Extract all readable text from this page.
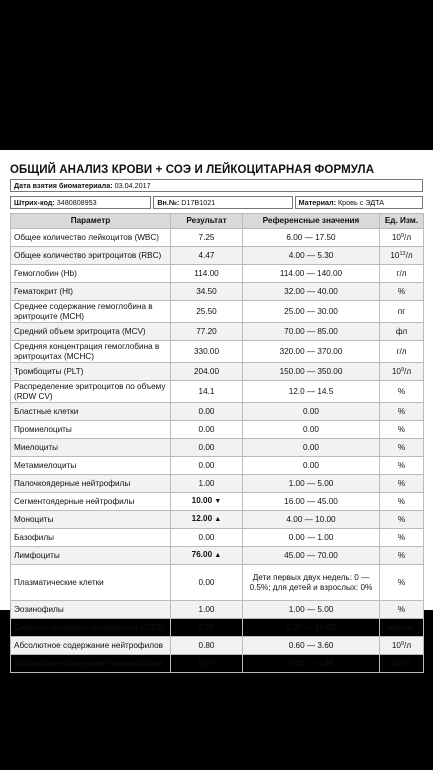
ОБЩИЙ АНАЛИЗ КРОВИ + СОЭ И ЛЕЙКОЦИТАРНАЯ ФОРМУЛА
Дата взятия биоматериала: 03.04.2017
Штрих-код: 3480808953	Вн.№: D17B1021	Материал: Кровь с ЭДТА
Параметр	Результат	Референсные значения	Ед. Изм.
Общее количество лейкоцитов (WBC)	7.25	6.00 — 17.50	$10^9/л$
Общее количество эритроцитов (RBC)	4.47	4.00 — 5.30	$10^{12}/л$
Гемоглобин (Hb)	114.00	114.00 — 140.00	г/л
Гематокрит (Ht)	34.50	32.00 — 40.00	%
Среднее содержание гемоглобина в эритроците (MCH)	25.50	25.00 — 30.00	пг
Средний объем эритроцита (MCV)	77.20	70.00 — 85.00	фл
Средняя концентрация гемоглобина в эритроцитах (MCHC)	330.00	320.00 — 370.00	г/л
Тромбоциты (PLT)	204.00	150.00 — 350.00	$10^9/л$
Распределение эритроцитов по объему (RDW CV)	14.1	12.0 — 14.5	%
Бластные клетки	0.00	0.00	%
Промиелоциты	0.00	0.00	%
Миелоциты	0.00	0.00	%
Метамиелоциты	0.00	0.00	%
Палочкоядерные нейтрофилы	1.00	1.00 — 5.00	%
Сегментоядерные нейтрофилы	10.00 ▼	16.00 — 45.00	%
Моноциты	12.00 ▲	4.00 — 10.00	%
Базофилы	0.00	0.00 — 1.00	%
Лимфоциты	76.00 ▲	45.00 — 70.00	%
Плазматические клетки	0.00	Дети первых двух недель: 0 — 0.5%; для детей и взрослых: 0%	%
Эозинофилы	1.00	1.00 — 5.00	%
Скорость оседания эритроцитов (СОЭ)	2.00	0.00 — 10.00	мм/час
Абсолютное содержание нейтрофилов	0.80	0.60 — 3.60	$10^9/л$
Абсолютное содержание эозинофилов	0.07	0.07 — 0.88	$10^9/л$
